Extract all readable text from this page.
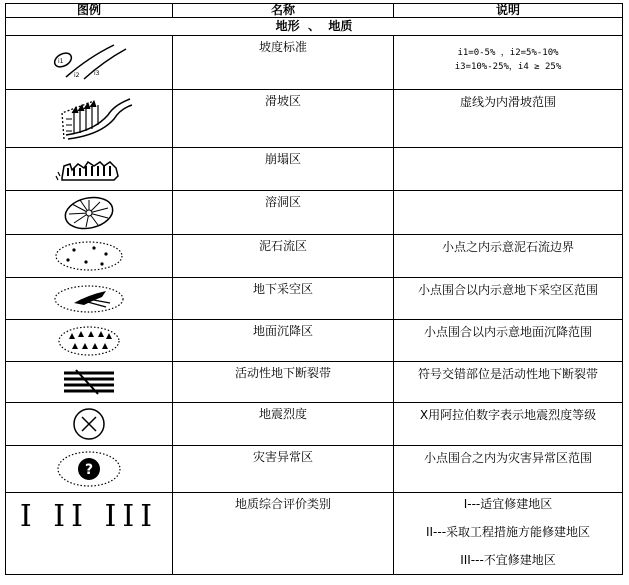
图例	名称	说明
地形  、  地质		

i1
i2 i3	坡度标准	i1=0-5% ，i2=5%-10%
i3=10%-25%，i4 ≥ 25%

滑坡区	虚线为内滑坡范围

崩塌区	

溶洞区	

泥石流区	小点之内示意泥石流边界

地下采空区	小点围合以内示意地下采空区范围

地面沉降区	小点围合以内示意地面沉降范围

活动性地下断裂带	符号交错部位是活动性地下断裂带

地震烈度	X用阿拉伯数字表示地震烈度等级

?	灾害异常区	小点围合之内为灾害异常区范围

I II III	地质综合评价类别	I---适宜修建地区
II---采取工程措施方能修建地区
III---不宜修建地区
